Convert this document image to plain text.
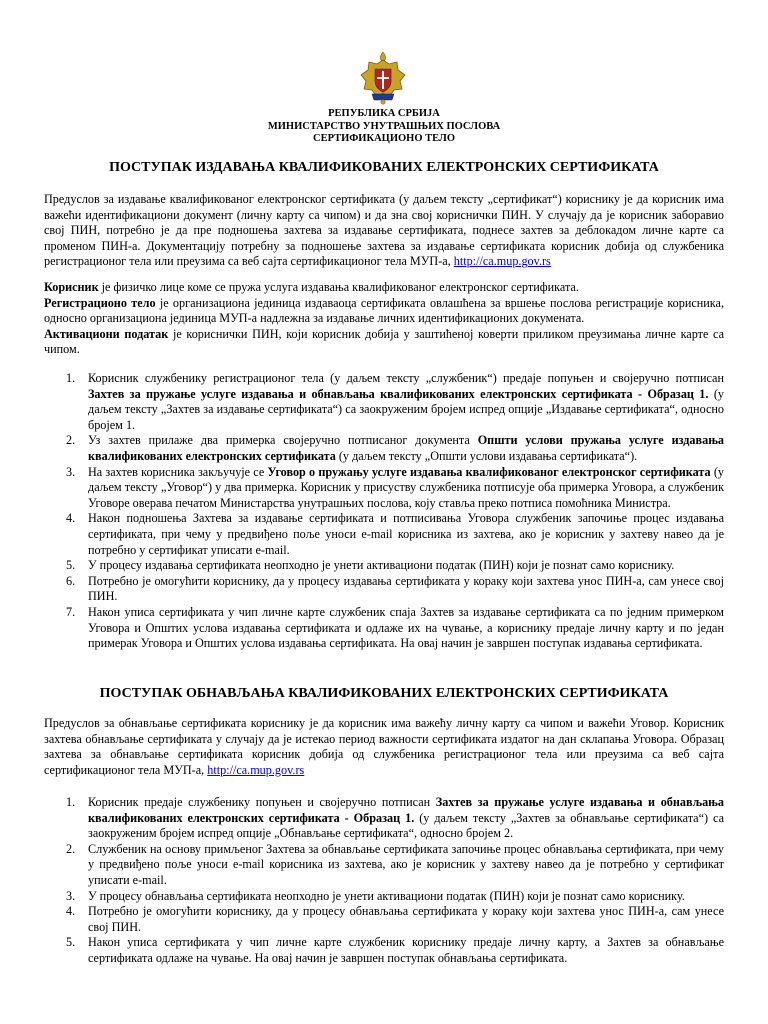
РЕПУБЛИКА СРБИЈА
МИНИСТАРСТВО УНУТРАШЊИХ ПОСЛОВА
СЕРТИФИКАЦИОНО ТЕЛО
ПОСТУПАК ИЗДАВАЊА КВАЛИФИКОВАНИХ ЕЛЕКТРОНСКИХ СЕРТИФИКАТА

Предуслов за издавање квалификованог електронског сертификата (у даљем тексту „сертификат“) кориснику је да корисник има важећи идентификациони документ (личну карту са чипом) и да зна свој кориснички ПИН. У случају да је корисник заборавио свој ПИН, потребно је да пре подношења захтева за издавање сертификата, поднесе захтев за деблокадом личне карте са промeном ПИН-а. Документацију потребну за подношење захтева за издавање сертификата корисник добија од службеника регистрационог тела или преузима са веб сајта сертификационог тела МУП-а, http://ca.mup.gov.rs

Корисник је физичко лице коме се пружа услуга издавања квалификованог електронског сертификата.

Регистрационо тело је организациона јединица издаваоца сертификата овлашћена за вршење послова регистрације корисника, односно организациона јединица МУП-а надлежна за издавање личних идентификационих докумената.

Активациони податак је кориснички ПИН, који корисник добија у заштићеној коверти приликом преузимања личне карте са чипом.

1. Корисник службенику регистрационог тела (у даљем тексту „службеник“) предаје попуњен и својеручно потписан Захтев за пружање услуге издавања и обнављања квалификованих електронских сертификата - Образац 1. (у даљем тексту „Захтев за издавање сертификата“) са заокруженим бројем испред опције „Издавање сертификата“, односно бројем 1.
2. Уз захтев прилаже два примерка својеручно потписаног документа Општи услови пружања услуге издавања квалификованих електронских сертификата (у даљем тексту „Општи услови издавања сертификата“).
3. На захтев корисника закључује се Уговор о пружању услуге издавања квалификованог електронског сертификата (у даљем тексту „Уговор“) у два примерка. Корисник у присуству службеника потписује оба примерка Уговора, а службеник Уговоре оверава печатом Министарства унутрашњих послова, коју ставља преко потписа помоћника Министра.
4. Након подношења Захтева за издавање сертификата и потписивања Уговора службеник започиње процес издавања сертификата, при чему у предвиђено поље уноси e-mail корисника из захтева, ако je корисник у захтеву навео да је потребно у сертификат уписати e-mail.
5. У процесу издавања сертификата неопходно је унети активациони податак (ПИН) који је познат само кориснику.
6. Потребно је омогућити кориснику, да у процесу издавања сертификата у кораку који захтева унос ПИН-а, сам унесе свој ПИН.
7. Након уписа сертификата у чип личне карте службеник спаја Захтев за издавање сертификата са по једним примерком Уговора и Општих услова издавања сертификата и одлаже их на чување, а кориснику предаје личну карту и по један примерак Уговора и Општих услова издавања сертификата. На овај начин је завршен поступак издавања сертификата.
ПОСТУПАК ОБНАВЉАЊА КВАЛИФИКОВАНИХ ЕЛЕКТРОНСКИХ СЕРТИФИКАТА

Предуслов за обнављање сертификата кориснику је да корисник има важећу личну карту са чипом и важећи Уговор. Корисник захтева обнављање сертификата у случају да је истекао период важности сертификата издатог на дан склапања Уговора. Образац захтева за обнављање сертификата корисник добија од службеника регистрационог тела или преузима са веб сајта сертификационог тела МУП-а, http://ca.mup.gov.rs

1. Корисник предаје службенику попуњен и својеручно потписан Захтев за пружање услуге издавања и обнављања квалификованих електронских сертификата - Образац 1. (у даљем тексту „Захтев за обнављање сертификата“) са заокруженим бројем испред опције „Обнављање сертификата“, односно бројем 2.
2. Службеник на основу примљеног Захтева за обнављање сертификата започиње процес обнављања сертификата, при чему у предвиђено поље уноси e-mail корисника из захтева, ако je корисник у захтеву навео да је потребно у сертификат уписати e-mail.
3. У процесу обнављања сертификата неопходно је унети активациони податак (ПИН) који је познат само кориснику.
4. Потребно је омогућити кориснику, да у процесу обнављања сертификата у кораку који захтева унос ПИН-а, сам унесе свој ПИН.
5. Након уписа сертификата у чип личне карте службеник кориснику предаје личну карту, а Захтев за обнављање сертификата одлаже на чување. На овај начин је завршен поступак обнављања сертификата.
